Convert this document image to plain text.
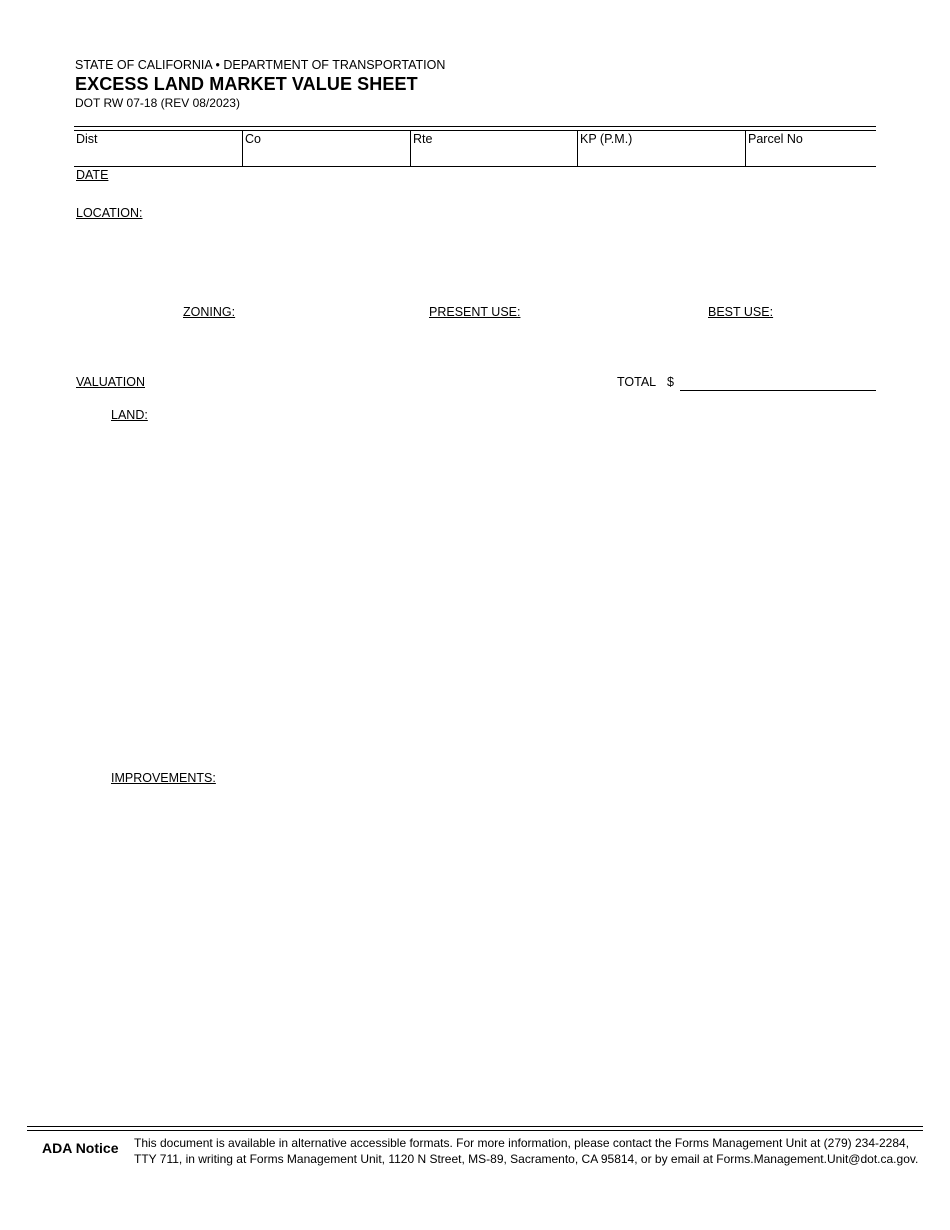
STATE OF CALIFORNIA • DEPARTMENT OF TRANSPORTATION
EXCESS LAND MARKET VALUE SHEET
DOT RW 07-18 (REV 08/2023)
Dist	Co	Rte	KP (P.M.)	Parcel No
DATE
LOCATION:
ZONING:	PRESENT USE:	BEST USE:
VALUATION	TOTAL $
LAND:
IMPROVEMENTS:
ADA Notice This document is available in alternative accessible formats. For more information, please contact the Forms Management Unit at (279) 234-2284,
TTY 711, in writing at Forms Management Unit, 1120 N Street, MS-89, Sacramento, CA 95814, or by email at Forms.Management.Unit@dot.ca.gov.
